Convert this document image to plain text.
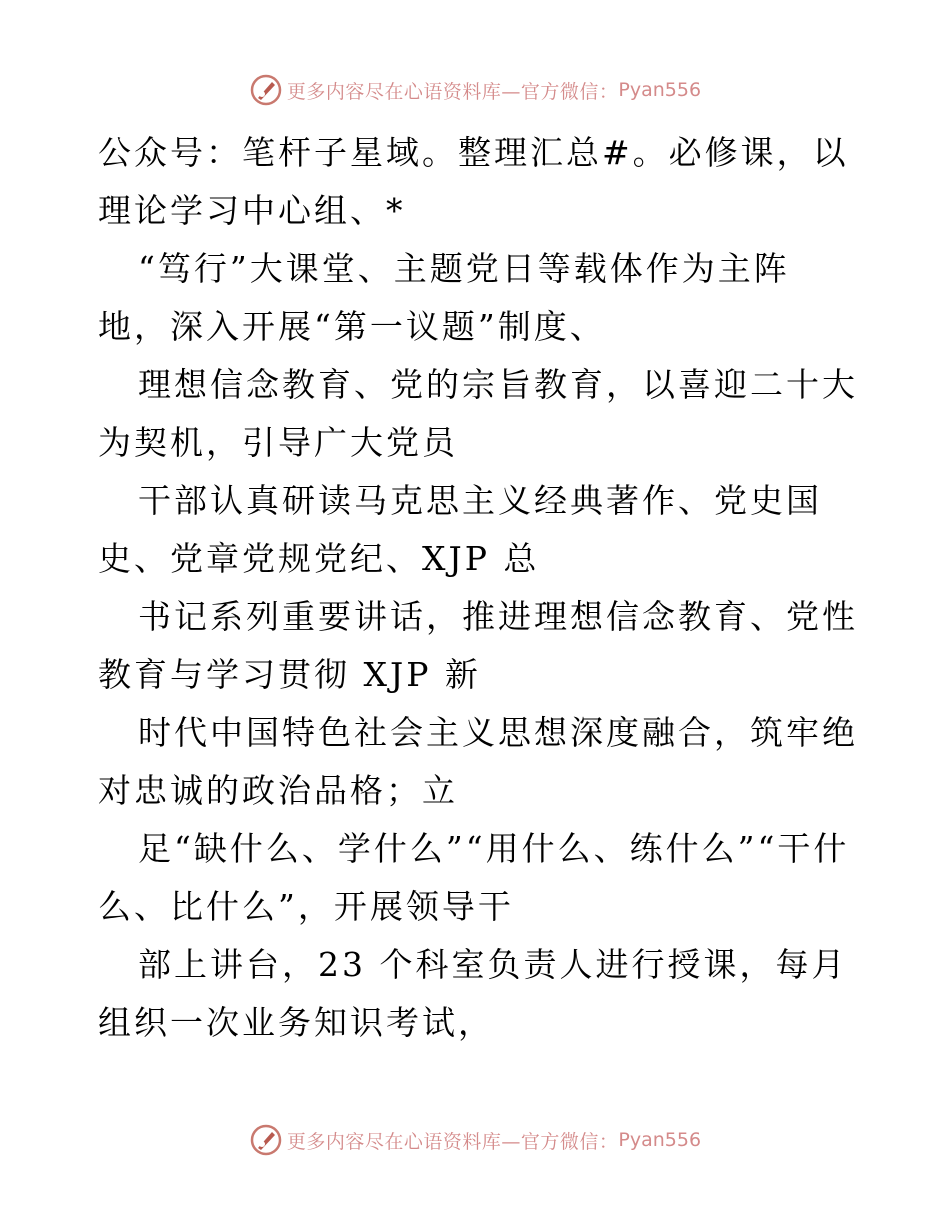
更多内容尽在心语资料库—官方微信： Pyan556

公众号：笔杆子星域。整理汇总#。必修课，以理论学习中心组、*

“笃行”大课堂、主题党日等载体作为主阵地，深入开展“第一议题”制度、

理想信念教育、党的宗旨教育，以喜迎二十大为契机，引导广大党员

干部认真研读马克思主义经典著作、党史国史、党章党规党纪、XJP 总

书记系列重要讲话，推进理想信念教育、党性教育与学习贯彻 XJP 新

时代中国特色社会主义思想深度融合，筑牢绝对忠诚的政治品格；立

足“缺什么、学什么”“用什么、练什么”“干什么、比什么”，开展领导干

部上讲台，23 个科室负责人进行授课，每月组织一次业务知识考试，

更多内容尽在心语资料库—官方微信： Pyan556
